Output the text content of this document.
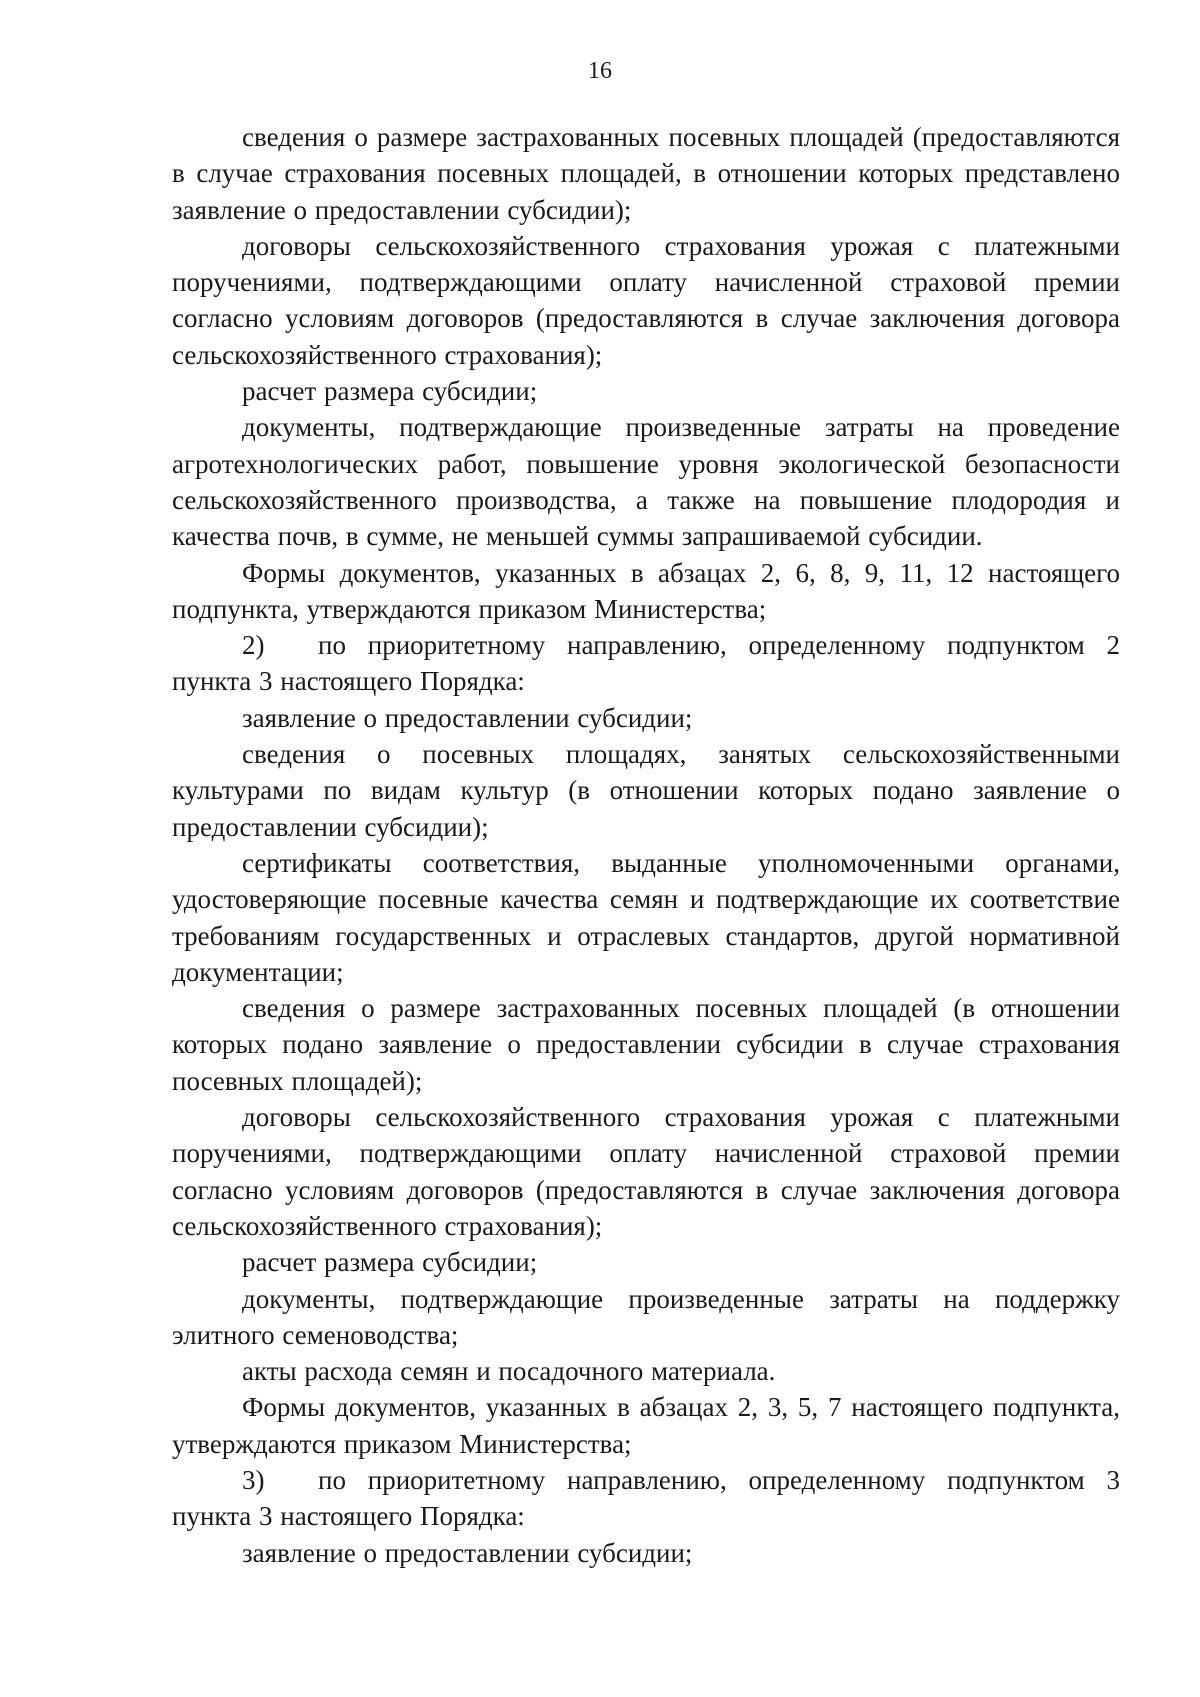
16

сведения о размере застрахованных посевных площадей (предоставляются в случае страхования посевных площадей, в отношении которых представлено заявление о предоставлении субсидии);

договоры сельскохозяйственного страхования урожая с платежными поручениями, подтверждающими оплату начисленной страховой премии согласно условиям договоров (предоставляются в случае заключения договора сельскохозяйственного страхования);

расчет размера субсидии;

документы, подтверждающие произведенные затраты на проведение агротехнологических работ, повышение уровня экологической безопасности сельскохозяйственного производства, а также на повышение плодородия и качества почв, в сумме, не меньшей суммы запрашиваемой субсидии.

Формы документов, указанных в абзацах 2, 6, 8, 9, 11, 12 настоящего подпункта, утверждаются приказом Министерства;

2) по приоритетному направлению, определенному подпунктом 2 пункта 3 настоящего Порядка:

заявление о предоставлении субсидии;

сведения о посевных площадях, занятых сельскохозяйственными культурами по видам культур (в отношении которых подано заявление о предоставлении субсидии);

сертификаты соответствия, выданные уполномоченными органами, удостоверяющие посевные качества семян и подтверждающие их соответствие требованиям государственных и отраслевых стандартов, другой нормативной документации;

сведения о размере застрахованных посевных площадей (в отношении которых подано заявление о предоставлении субсидии в случае страхования посевных площадей);

договоры сельскохозяйственного страхования урожая с платежными поручениями, подтверждающими оплату начисленной страховой премии согласно условиям договоров (предоставляются в случае заключения договора сельскохозяйственного страхования);

расчет размера субсидии;

документы, подтверждающие произведенные затраты на поддержку элитного семеноводства;

акты расхода семян и посадочного материала.

Формы документов, указанных в абзацах 2, 3, 5, 7 настоящего подпункта, утверждаются приказом Министерства;

3) по приоритетному направлению, определенному подпунктом 3 пункта 3 настоящего Порядка:

заявление о предоставлении субсидии;
